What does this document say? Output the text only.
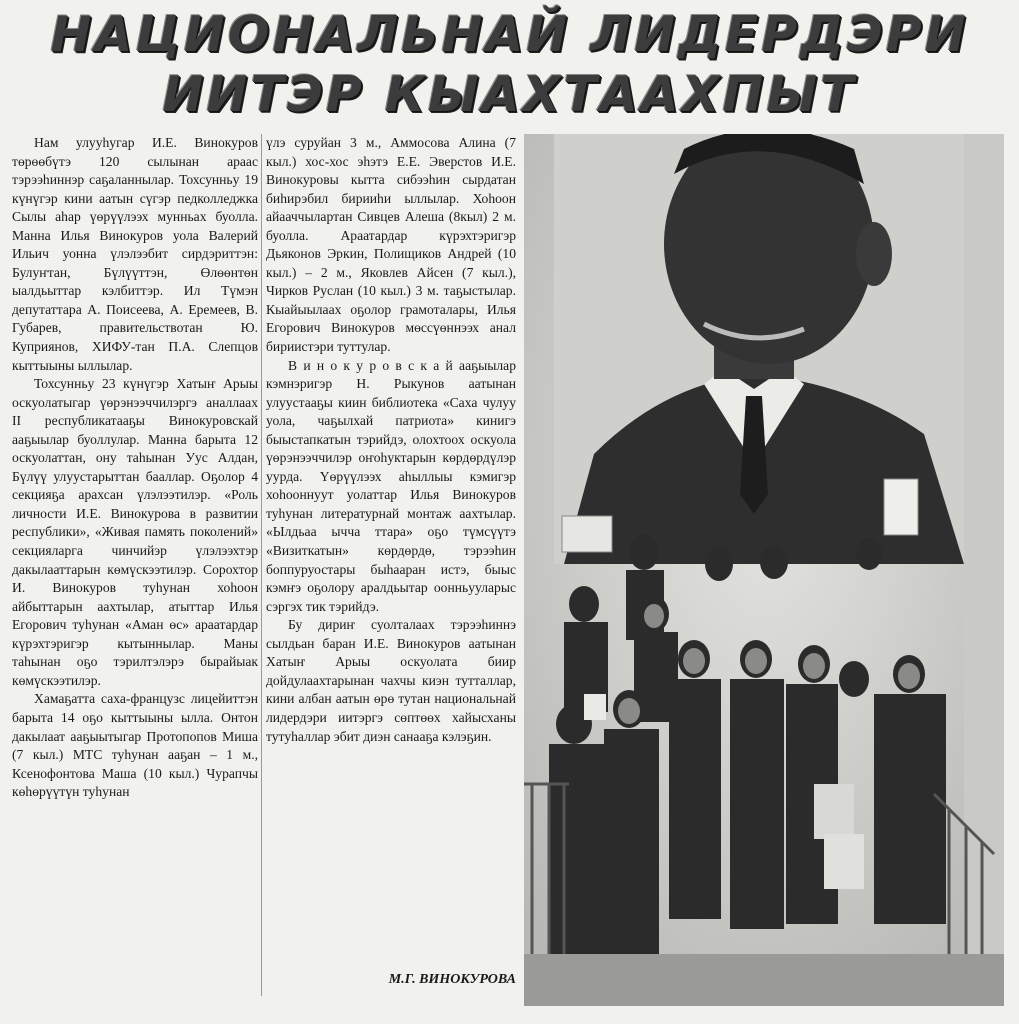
НАЦИОНАЛЬНАЙ ЛИДЕРДЭРИ
ИИТЭР КЫАХТААХПЫТ

Нам улууһугар И.Е. Винокуров төрөөбүтэ 120 сылынан араас тэрээһиннэр саҕаланнылар. Тохсунньу 19 күнүгэр кини аатын сүгэр педколледжка Сылы аһар үөрүүлээх мунньах буолла. Манна Илья Винокуров уола Валерий Ильич уонна үлэлээбит сирдэриттэн: Булуҥтан, Бүлүүттэн, Өлөөнтөн ыалдьыттар кэлбиттэр. Ил Түмэн депутаттара А. Поисеева, А. Еремеев, В. Губарев, правительствотан Ю. Куприянов, ХИФУ-тан П.А. Слепцов кыттыыны ыллылар.

Тохсунньу 23 күнүгэр Хатыҥ Арыы оскуолатыгар үөрэнээччилэргэ аналлаах II республикатааҕы Винокуровскай ааҕыылар буоллулар. Манна барыта 12 оскуолаттан, ону таһынан Уус Алдан, Бүлүү улуустарыттан бааллар. Оҕолор 4 секцияҕа арахсан үлэлээтилэр. «Роль личности И.Е. Винокурова в развитии республики», «Живая память поколений» секцияларга чинчийэр үлэлээхтэр дакылааттарын көмүскээтилэр. Сорохтор И. Винокуров туһунан хоһоон айбыттарын аахтылар, атыттар Илья Егорович туһунан «Аман өс» араатардар күрэхтэригэр кытыннылар. Маны таһынан оҕо тэрилтэлэрэ бырайыак көмүскээтилэр.

Хамаҕатта саха-французс лицейиттэн барыта 14 оҕо кыттыыны ылла. Онтон дакылаат ааҕыытыгар Протопопов Миша (7 кыл.) МТС туһунан ааҕан – 1 м., Ксенофонтова Маша (10 кыл.) Чурапчы көһөрүүтүн туһунан

үлэ суруйан 3 м., Аммосова Алина (7 кыл.) хос-хос эһэтэ Е.Е. Эверстов И.Е. Винокуровы кытта сибээһин сырдатан биһирэбил бирииһи ыллылар. Хоһоон айааччылартан Сивцев Алеша (8кыл) 2 м. буолла. Араатардар күрэхтэригэр Дьяконов Эркин, Полищиков Андрей (10 кыл.) – 2 м., Яковлев Айсен (7 кыл.), Чирков Руслан (10 кыл.) 3 м. таҕыстылар. Кыайыылаах оҕолор грамоталары, Илья Егорович Винокуров мөссүөннээх анал бириистэри туттулар.

В и н о к у р о в с к а й ааҕыылар кэмнэригэр Н. Рыкунов аатынан улуустааҕы киин библиотека «Саха чулуу уола, чаҕылхай патриота» кинигэ быыстапкатын тэрийдэ, олохтоох оскуола үөрэнээччилэр оҥоһуктарын көрдөрдүлэр уурда. Үөрүүлээх аһыллыы кэмигэр хоһооннуут уолаттар Илья Винокуров туһунан литературнай монтаж аахтылар. «Ылдьаа ычча ттара» оҕо түмсүүтэ «Визиткатын» көрдөрдө, тэрээһин боппуруостары быһааран истэ, быыс кэмҥэ оҕолору аралдьытар оонньууларыс сэргэх тик тэрийдэ.

Бу дириҥ суолталаах тэрээһиннэ сылдьан баран И.Е. Винокуров аатынан Хатыҥ Арыы оскуолата биир дойдулаахтарынан чахчы киэн тутталлар, кини албан аатын өрө тутан национальнай лидердэри иитэргэ сөптөөх хайысханы тутуһаллар эбит диэн санааҕа кэлэҕин.

М.Г. ВИНОКУРОВА
